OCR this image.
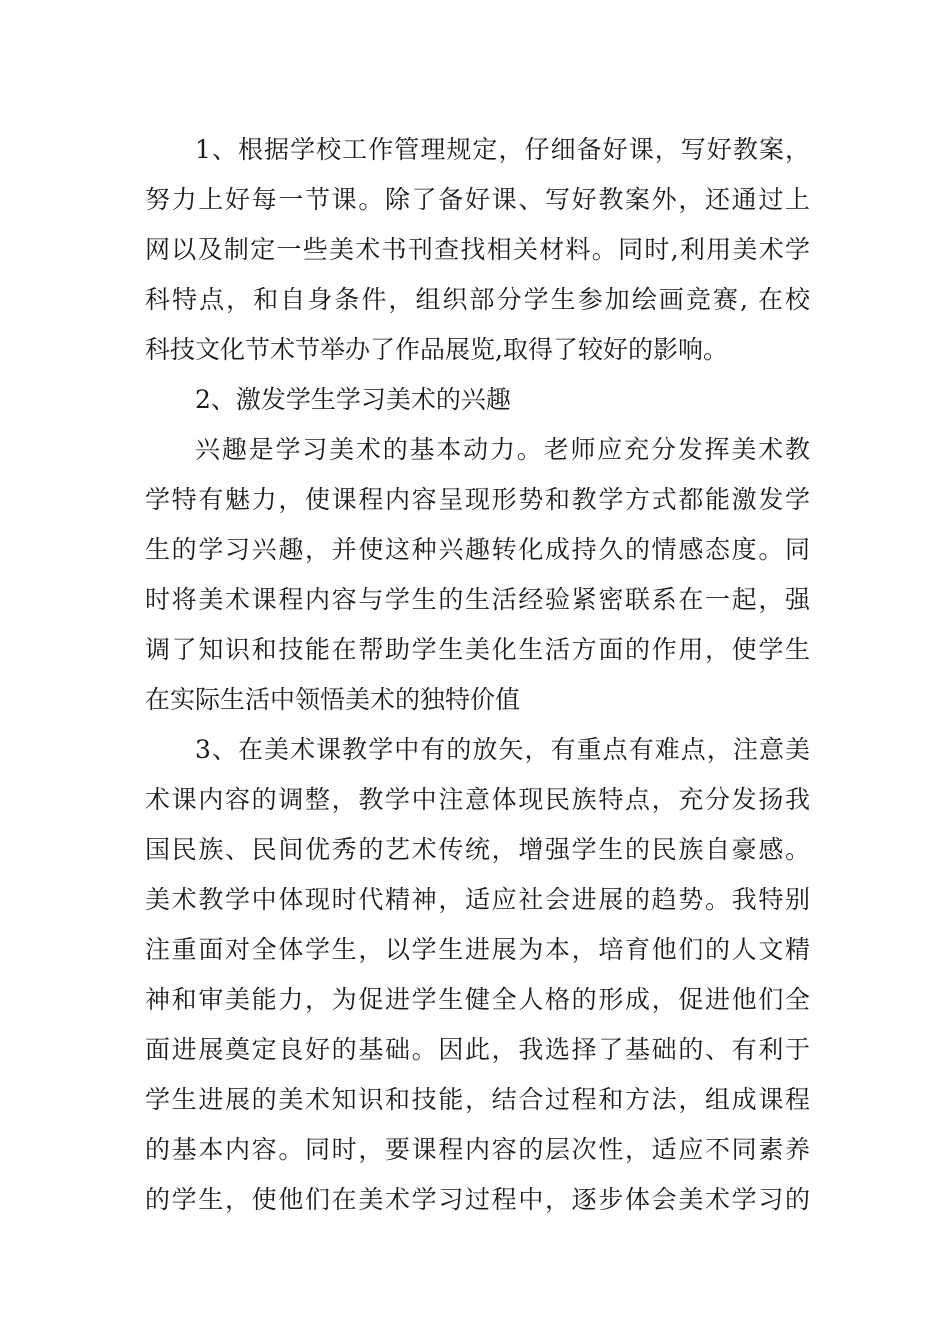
1、根据学校工作管理规定，仔细备好课，写好教案，
努力上好每一节课。除了备好课、写好教案外，还通过上
网以及制定一些美术书刊查找相关材料。同时,利用美术学
科特点，和自身条件，组织部分学生参加绘画竞赛, 在校
科技文化节术节举办了作品展览,取得了较好的影响。
2、激发学生学习美术的兴趣
兴趣是学习美术的基本动力。老师应充分发挥美术教
学特有魅力，使课程内容呈现形势和教学方式都能激发学
生的学习兴趣，并使这种兴趣转化成持久的情感态度。同
时将美术课程内容与学生的生活经验紧密联系在一起，强
调了知识和技能在帮助学生美化生活方面的作用，使学生
在实际生活中领悟美术的独特价值
3、在美术课教学中有的放矢，有重点有难点，注意美
术课内容的调整，教学中注意体现民族特点，充分发扬我
国民族、民间优秀的艺术传统，增强学生的民族自豪感。
美术教学中体现时代精神，适应社会进展的趋势。我特别
注重面对全体学生，以学生进展为本，培育他们的人文精
神和审美能力，为促进学生健全人格的形成，促进他们全
面进展奠定良好的基础。因此，我选择了基础的、有利于
学生进展的美术知识和技能，结合过程和方法，组成课程
的基本内容。同时，要课程内容的层次性，适应不同素养
的学生，使他们在美术学习过程中，逐步体会美术学习的
